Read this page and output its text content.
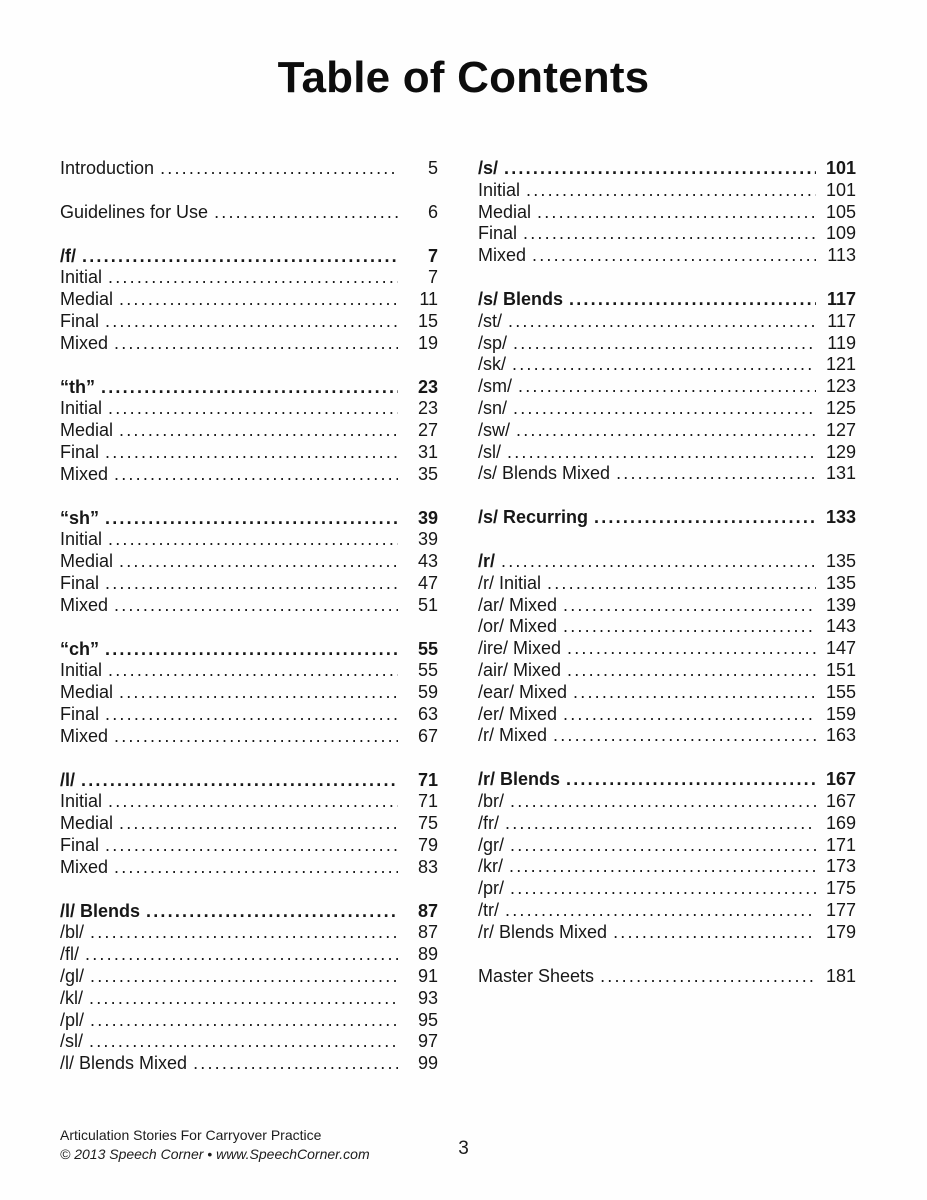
Table of Contents
Introduction .....	5
Guidelines for Use .....	6
/f/ .....	7
Initial .....	7
Medial .....	11
Final .....	15
Mixed .....	19
“th” .....	23
Initial .....	23
Medial .....	27
Final .....	31
Mixed .....	35
“sh” .....	39
Initial .....	39
Medial .....	43
Final .....	47
Mixed .....	51
“ch” .....	55
Initial .....	55
Medial .....	59
Final .....	63
Mixed .....	67
/l/ .....	71
Initial .....	71
Medial .....	75
Final .....	79
Mixed .....	83
/l/ Blends .....	87
/bl/ .....	87
/fl/ .....	89
/gl/ .....	91
/kl/ .....	93
/pl/ .....	95
/sl/ .....	97
/l/ Blends Mixed .....	99
/s/ .....	101
Initial .....	101
Medial .....	105
Final .....	109
Mixed .....	113
/s/ Blends .....	117
/st/ .....	117
/sp/ .....	119
/sk/ .....	121
/sm/ .....	123
/sn/ .....	125
/sw/ .....	127
/sl/ .....	129
/s/ Blends Mixed .....	131
/s/ Recurring .....	133
/r/ .....	135
/r/ Initial .....	135
/ar/ Mixed .....	139
/or/ Mixed .....	143
/ire/ Mixed .....	147
/air/ Mixed .....	151
/ear/ Mixed .....	155
/er/ Mixed .....	159
/r/ Mixed .....	163
/r/ Blends .....	167
/br/ .....	167
/fr/ .....	169
/gr/ .....	171
/kr/ .....	173
/pr/ .....	175
/tr/ .....	177
/r/ Blends Mixed .....	179
Master Sheets .....	181
Articulation Stories For Carryover Practice
© 2013 Speech Corner • www.SpeechCorner.com	3
